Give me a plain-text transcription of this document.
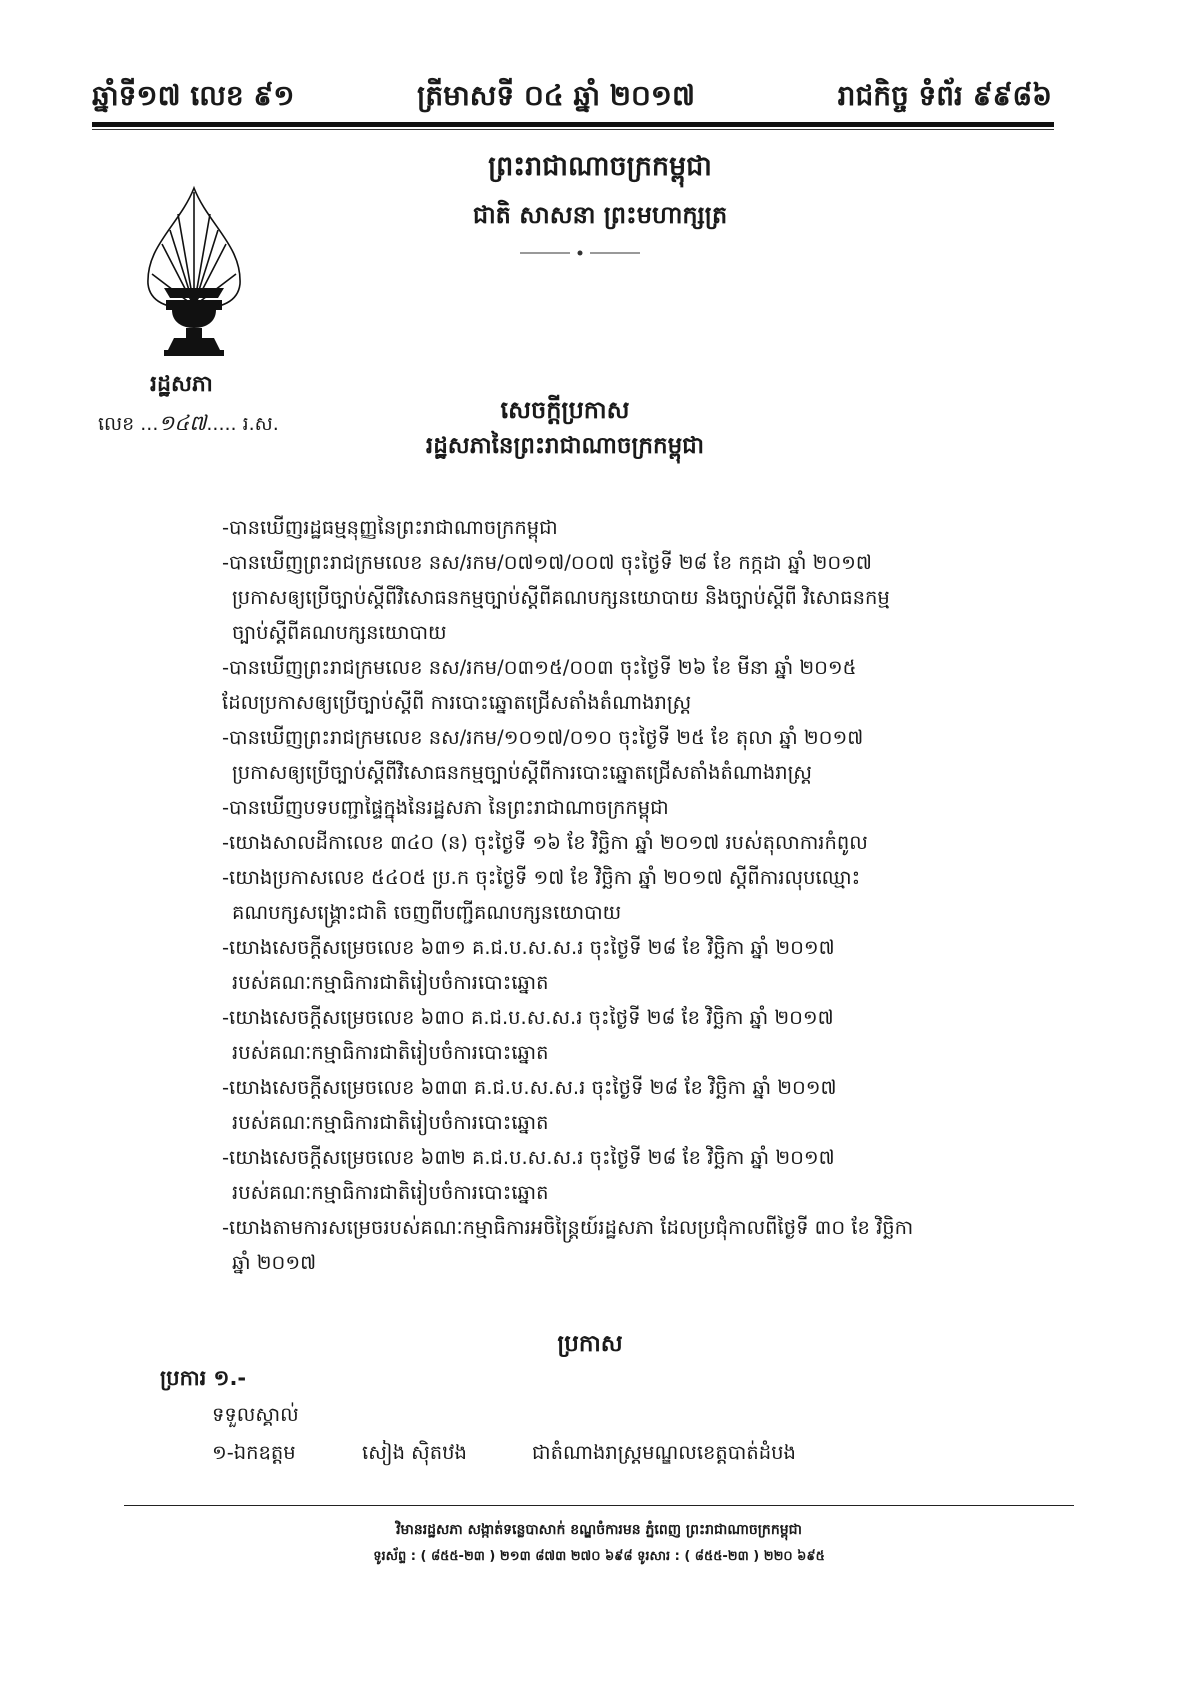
ឆ្នាំទី១៧ លេខ ៩១	ត្រីមាសទី ០៤ ឆ្នាំ ២០១៧	រាជកិច្ច ទំព័រ ៩៩៨៦
ព្រះរាជាណាចក្រកម្ពុជា
ជាតិ សាសនា ព្រះមហាក្សត្រ
រដ្ឋសភា
លេខ ...១៤៧..... រ.ស.	សេចក្តីប្រកាស
រដ្ឋសភានៃព្រះរាជាណាចក្រកម្ពុជា

-បានឃើញរដ្ឋធម្មនុញ្ញនៃព្រះរាជាណាចក្រកម្ពុជា

-បានឃើញព្រះរាជក្រមលេខ នស/រកម/០៧១៧/០០៧ ចុះថ្ងៃទី ២៨ ខែ កក្កដា ឆ្នាំ ២០១៧

ប្រកាសឲ្យប្រើច្បាប់ស្តីពីវិសោធនកម្មច្បាប់ស្តីពីគណបក្សនយោបាយ និងច្បាប់ស្តីពី វិសោធនកម្ម

ច្បាប់ស្តីពីគណបក្សនយោបាយ

-បានឃើញព្រះរាជក្រមលេខ នស/រកម/០៣១៥/០០៣ ចុះថ្ងៃទី ២៦ ខែ មីនា ឆ្នាំ ២០១៥

ដែលប្រកាសឲ្យប្រើច្បាប់ស្តីពី ការបោះឆ្នោតជ្រើសតាំងតំណាងរាស្ត្រ

-បានឃើញព្រះរាជក្រមលេខ នស/រកម/១០១៧/០១០ ចុះថ្ងៃទី ២៥ ខែ តុលា ឆ្នាំ ២០១៧

ប្រកាសឲ្យប្រើច្បាប់ស្តីពីវិសោធនកម្មច្បាប់ស្តីពីការបោះឆ្នោតជ្រើសតាំងតំណាងរាស្ត្រ

-បានឃើញបទបញ្ជាផ្ទៃក្នុងនៃរដ្ឋសភា នៃព្រះរាជាណាចក្រកម្ពុជា

-យោងសាលដីកាលេខ ៣៤០ (ន) ចុះថ្ងៃទី ១៦ ខែ វិច្ឆិកា ឆ្នាំ ២០១៧ របស់តុលាការកំពូល

-យោងប្រកាសលេខ ៥៤០៥ ប្រ.ក ចុះថ្ងៃទី ១៧ ខែ វិច្ឆិកា ឆ្នាំ ២០១៧ ស្តីពីការលុបឈ្មោះ

គណបក្សសង្គ្រោះជាតិ ចេញពីបញ្ជីគណបក្សនយោបាយ

-យោងសេចក្តីសម្រេចលេខ ៦៣១ គ.ជ.ប.ស.ស.រ ចុះថ្ងៃទី ២៨ ខែ វិច្ឆិកា ឆ្នាំ ២០១៧

របស់គណៈកម្មាធិការជាតិរៀបចំការបោះឆ្នោត

-យោងសេចក្តីសម្រេចលេខ ៦៣០ គ.ជ.ប.ស.ស.រ ចុះថ្ងៃទី ២៨ ខែ វិច្ឆិកា ឆ្នាំ ២០១៧

របស់គណៈកម្មាធិការជាតិរៀបចំការបោះឆ្នោត

-យោងសេចក្តីសម្រេចលេខ ៦៣៣ គ.ជ.ប.ស.ស.រ ចុះថ្ងៃទី ២៨ ខែ វិច្ឆិកា ឆ្នាំ ២០១៧

របស់គណៈកម្មាធិការជាតិរៀបចំការបោះឆ្នោត

-យោងសេចក្តីសម្រេចលេខ ៦៣២ គ.ជ.ប.ស.ស.រ ចុះថ្ងៃទី ២៨ ខែ វិច្ឆិកា ឆ្នាំ ២០១៧

របស់គណៈកម្មាធិការជាតិរៀបចំការបោះឆ្នោត

-យោងតាមការសម្រេចរបស់គណៈកម្មាធិការអចិន្ត្រៃយ៍រដ្ឋសភា ដែលប្រជុំកាលពីថ្ងៃទី ៣០ ខែ វិច្ឆិកា

ឆ្នាំ ២០១៧

ប្រកាស
ប្រការ ១.-
ទទួលស្គាល់
១-ឯកឧត្តម	សៀង ស៊ិតឋង	ជាតំណាងរាស្ត្រមណ្ឌលខេត្តបាត់ដំបង
វិមានរដ្ឋសភា សង្កាត់ទន្លេបាសាក់ ខណ្ឌចំការមន ភ្នំពេញ ព្រះរាជាណាចក្រកម្ពុជា
ទូរស័ព្ទ : ( ៨៥៥-២៣ ) ២១៣ ៨៧៣ ២៧០ ៦៩៨ ទូរសារ : ( ៨៥៥-២៣ ) ២២០ ៦៩៥
